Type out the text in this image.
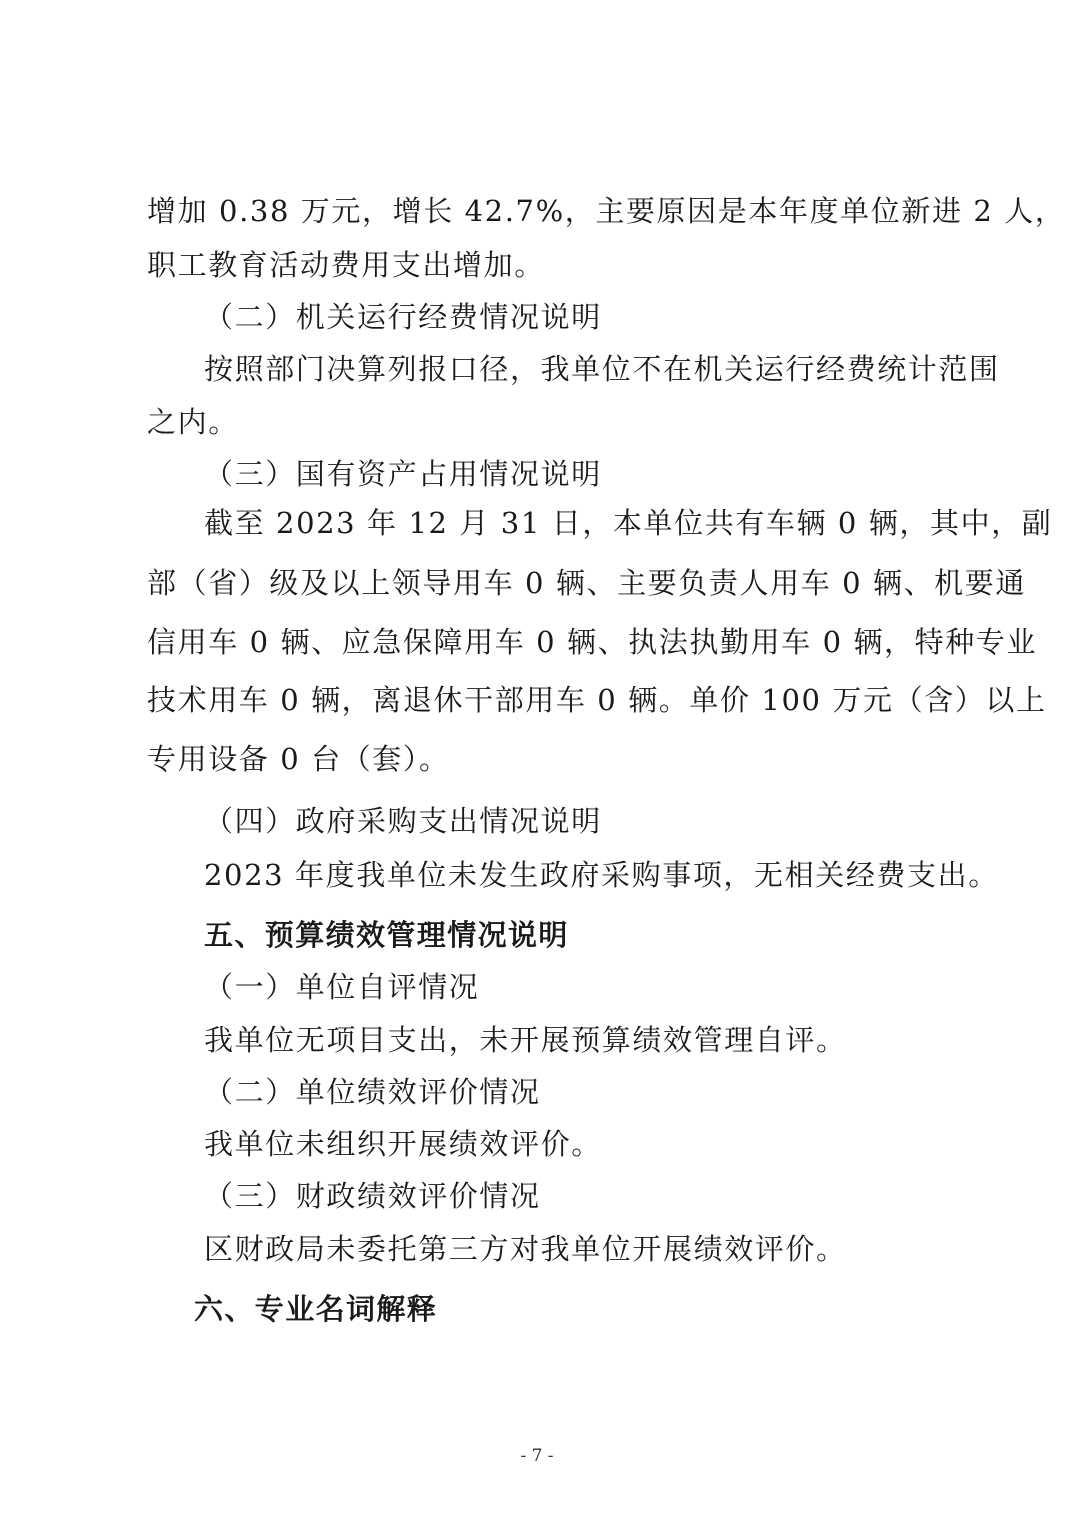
增加 0.38 万元，增长 42.7%，主要原因是本年度单位新进 2 人，
职工教育活动费用支出增加。
（二）机关运行经费情况说明
按照部门决算列报口径，我单位不在机关运行经费统计范围
之内。
（三）国有资产占用情况说明
截至 2023 年 12 月 31 日，本单位共有车辆 0 辆，其中，副
部（省）级及以上领导用车 0 辆、主要负责人用车 0 辆、机要通
信用车 0 辆、应急保障用车 0 辆、执法执勤用车 0 辆，特种专业
技术用车 0 辆，离退休干部用车 0 辆。单价 100 万元（含）以上
专用设备 0 台（套）。
（四）政府采购支出情况说明
2023 年度我单位未发生政府采购事项，无相关经费支出。
五、预算绩效管理情况说明
（一）单位自评情况
我单位无项目支出，未开展预算绩效管理自评。
（二）单位绩效评价情况
我单位未组织开展绩效评价。
（三）财政绩效评价情况
区财政局未委托第三方对我单位开展绩效评价。
六、专业名词解释
- 7 -
